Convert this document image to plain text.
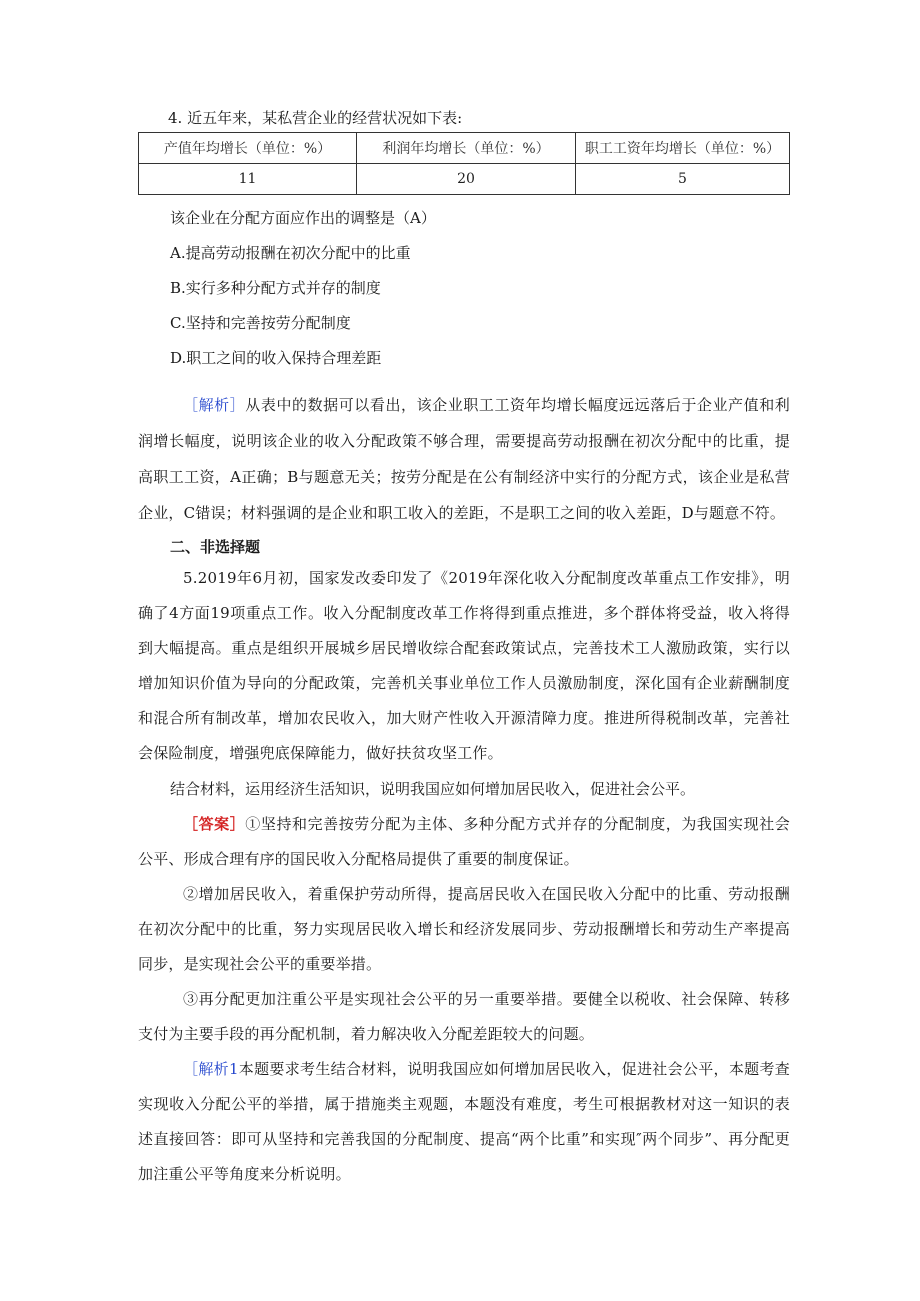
4. 近五年来，某私营企业的经营状况如下表:
产值年均增长（单位：%）	利润年均增长（单位：%）	职工工资年均增长（单位：%）
11	20	5
该企业在分配方面应作出的调整是（A）
A.提高劳动报酬在初次分配中的比重
B.实行多种分配方式并存的制度
C.坚持和完善按劳分配制度
D.职工之间的收入保持合理差距
［解析］从表中的数据可以看出，该企业职工工资年均增长幅度远远落后于企业产值和利润增长幅度，说明该企业的收入分配政策不够合理，需要提高劳动报酬在初次分配中的比重，提高职工工资，A正确；B与题意无关；按劳分配是在公有制经济中实行的分配方式，该企业是私营企业，C错误；材料强调的是企业和职工收入的差距，不是职工之间的收入差距，D与题意不符。
二、非选择题
5.2019年6月初，国家发改委印发了《2019年深化收入分配制度改革重点工作安排》，明确了4方面19项重点工作。收入分配制度改革工作将得到重点推进，多个群体将受益，收入将得到大幅提高。重点是组织开展城乡居民增收综合配套政策试点，完善技术工人激励政策，实行以增加知识价值为导向的分配政策，完善机关事业单位工作人员激励制度，深化国有企业薪酬制度和混合所有制改革，增加农民收入，加大财产性收入开源清障力度。推进所得税制改革，完善社会保险制度，增强兜底保障能力，做好扶贫攻坚工作。
结合材料，运用经济生活知识，说明我国应如何增加居民收入，促进社会公平。
［答案］①坚持和完善按劳分配为主体、多种分配方式并存的分配制度，为我国实现社会公平、形成合理有序的国民收入分配格局提供了重要的制度保证。
②增加居民收入，着重保护劳动所得，提高居民收入在国民收入分配中的比重、劳动报酬在初次分配中的比重，努力实现居民收入增长和经济发展同步、劳动报酬增长和劳动生产率提高同步，是实现社会公平的重要举措。
③再分配更加注重公平是实现社会公平的另一重要举措。要健全以税收、社会保障、转移支付为主要手段的再分配机制，着力解决收入分配差距较大的问题。
［解析1本题要求考生结合材料，说明我国应如何增加居民收入，促进社会公平，本题考查实现收入分配公平的举措，属于措施类主观题，本题没有难度，考生可根据教材对这一知识的表述直接回答：即可从坚持和完善我国的分配制度、提高“两个比重”和实现″两个同步”、再分配更加注重公平等角度来分析说明。
